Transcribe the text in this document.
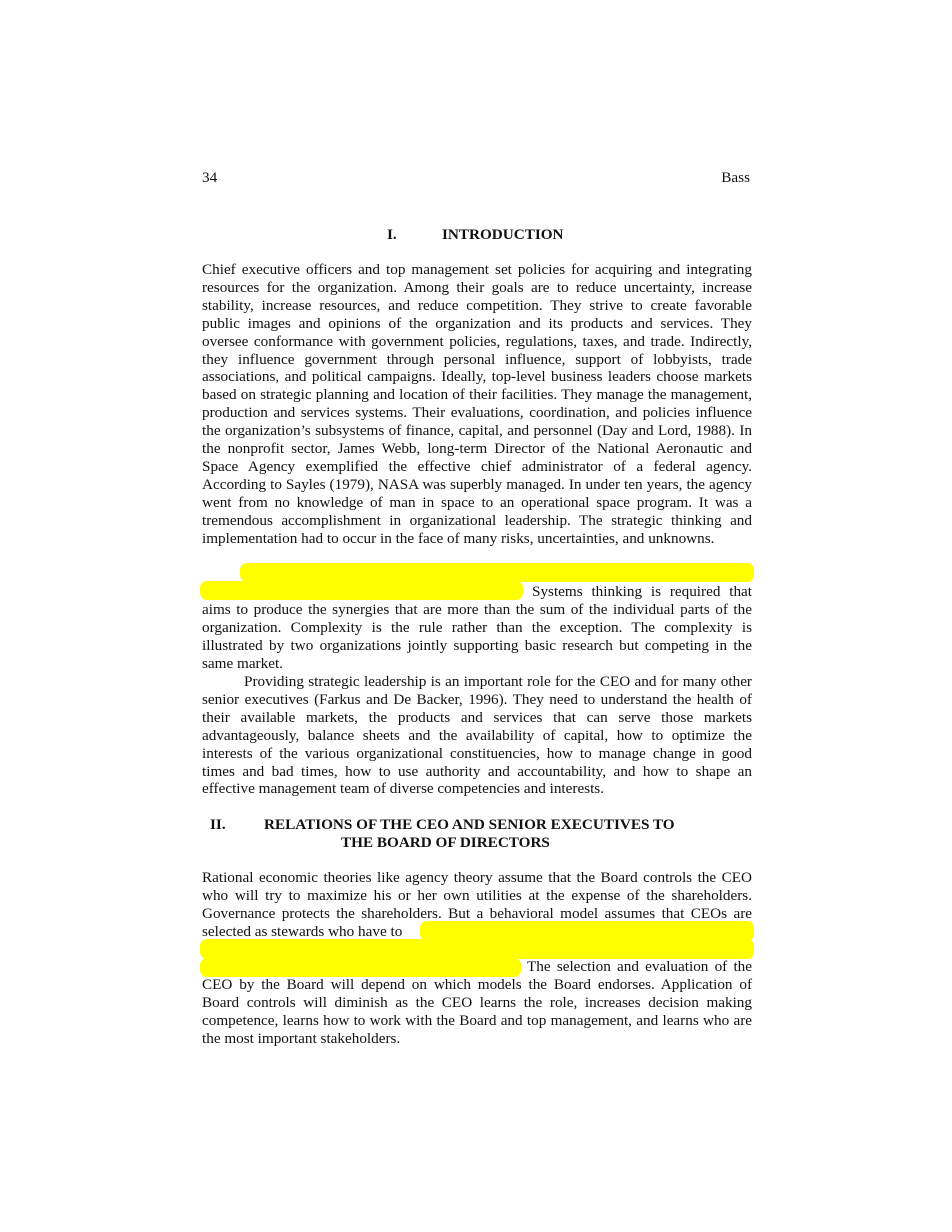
34	Bass
I.	INTRODUCTION

Chief executive officers and top management set policies for acquiring and integrating resources for the organization. Among their goals are to reduce uncertainty, increase stability, increase resources, and reduce competition. They strive to create favorable public images and opinions of the organization and its products and services. They oversee conformance with government policies, regulations, taxes, and trade. Indirectly, they influence government through personal influence, support of lobbyists, trade associations, and political campaigns. Ideally, top-level business leaders choose markets based on strategic planning and location of their facilities. They manage the management, production and services systems. Their evaluations, coordination, and policies influence the organization’s subsystems of finance, capital, and personnel (Day and Lord, 1988). In the nonprofit sector, James Webb, long-term Director of the National Aeronautic and Space Agency exemplified the effective chief administrator of a federal agency. According to Sayles (1979), NASA was superbly managed. In under ten years, the agency went from no knowledge of man in space to an operational space program. It was a tremendous accomplishment in organizational leadership. The strategic thinking and implementation had to occur in the face of many risks, uncertainties, and unknowns.

Systems thinking is required that aims to produce the synergies that are more than the sum of the individual parts of the organization. Complexity is the rule rather than the exception. The complexity is illustrated by two organizations jointly supporting basic research but competing in the same market.

Providing strategic leadership is an important role for the CEO and for many other senior executives (Farkus and De Backer, 1996). They need to understand the health of their available markets, the products and services that can serve those markets advantageously, balance sheets and the availability of capital, how to optimize the interests of the various organizational constituencies, how to manage change in good times and bad times, how to use authority and accountability, and how to shape an effective management team of diverse competencies and interests.

II.	RELATIONS OF THE CEO AND SENIOR EXECUTIVES TO
THE BOARD OF DIRECTORS

Rational economic theories like agency theory assume that the Board controls the CEO who will try to maximize his or her own utilities at the expense of the shareholders. Governance protects the shareholders. But a behavioral model assumes that CEOs are selected as stewards who have to

The selection and evaluation of the CEO by the Board will depend on which models the Board endorses. Application of Board controls will diminish as the CEO learns the role, increases decision making competence, learns how to work with the Board and top management, and learns who are the most important stakeholders.
